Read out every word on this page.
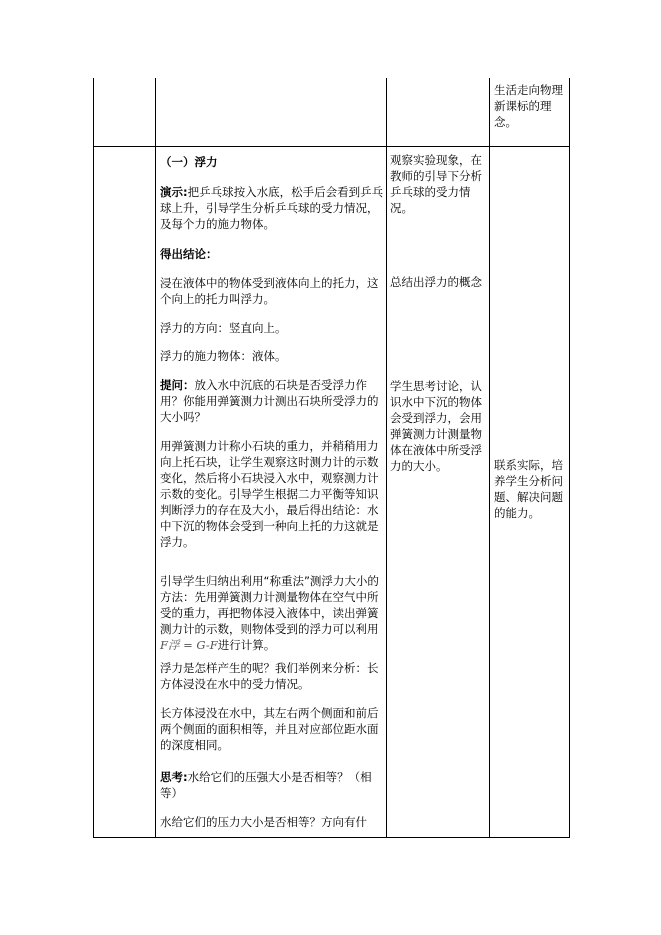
生活走向物理新课标的理念。
（一）浮力
演示:把乒乓球按入水底，松手后会看到乒乓球上升，引导学生分析乒乓球的受力情况，及每个力的施力物体。
得出结论：
浸在液体中的物体受到液体向上的托力，这个向上的托力叫浮力。
浮力的方向：竖直向上。
浮力的施力物体：液体。
提问：放入水中沉底的石块是否受浮力作用？你能用弹簧测力计测出石块所受浮力的大小吗？
用弹簧测力计称小石块的重力，并稍稍用力向上托石块，让学生观察这时测力计的示数变化，然后将小石块浸入水中，观察测力计示数的变化。引导学生根据二力平衡等知识判断浮力的存在及大小，最后得出结论：水中下沉的物体会受到一种向上托的力这就是浮力。
引导学生归纳出利用“称重法”测浮力大小的方法：先用弹簧测力计测量物体在空气中所受的重力，再把物体浸入液体中，读出弹簧测力计的示数，则物体受到的浮力可以利用F浮 = G-F进行计算。
浮力是怎样产生的呢？我们举例来分析：长方体浸没在水中的受力情况。
长方体浸没在水中，其左右两个侧面和前后两个侧面的面积相等，并且对应部位距水面的深度相同。
思考:水给它们的压强大小是否相等？（相等）
水给它们的压力大小是否相等？方向有什
观察实验现象，在教师的引导下分析乒乓球的受力情况。
总结出浮力的概念
学生思考讨论，认识水中下沉的物体会受到浮力，会用弹簧测力计测量物体在液体中所受浮力的大小。	联系实际，培养学生分析问题、解决问题的能力。
